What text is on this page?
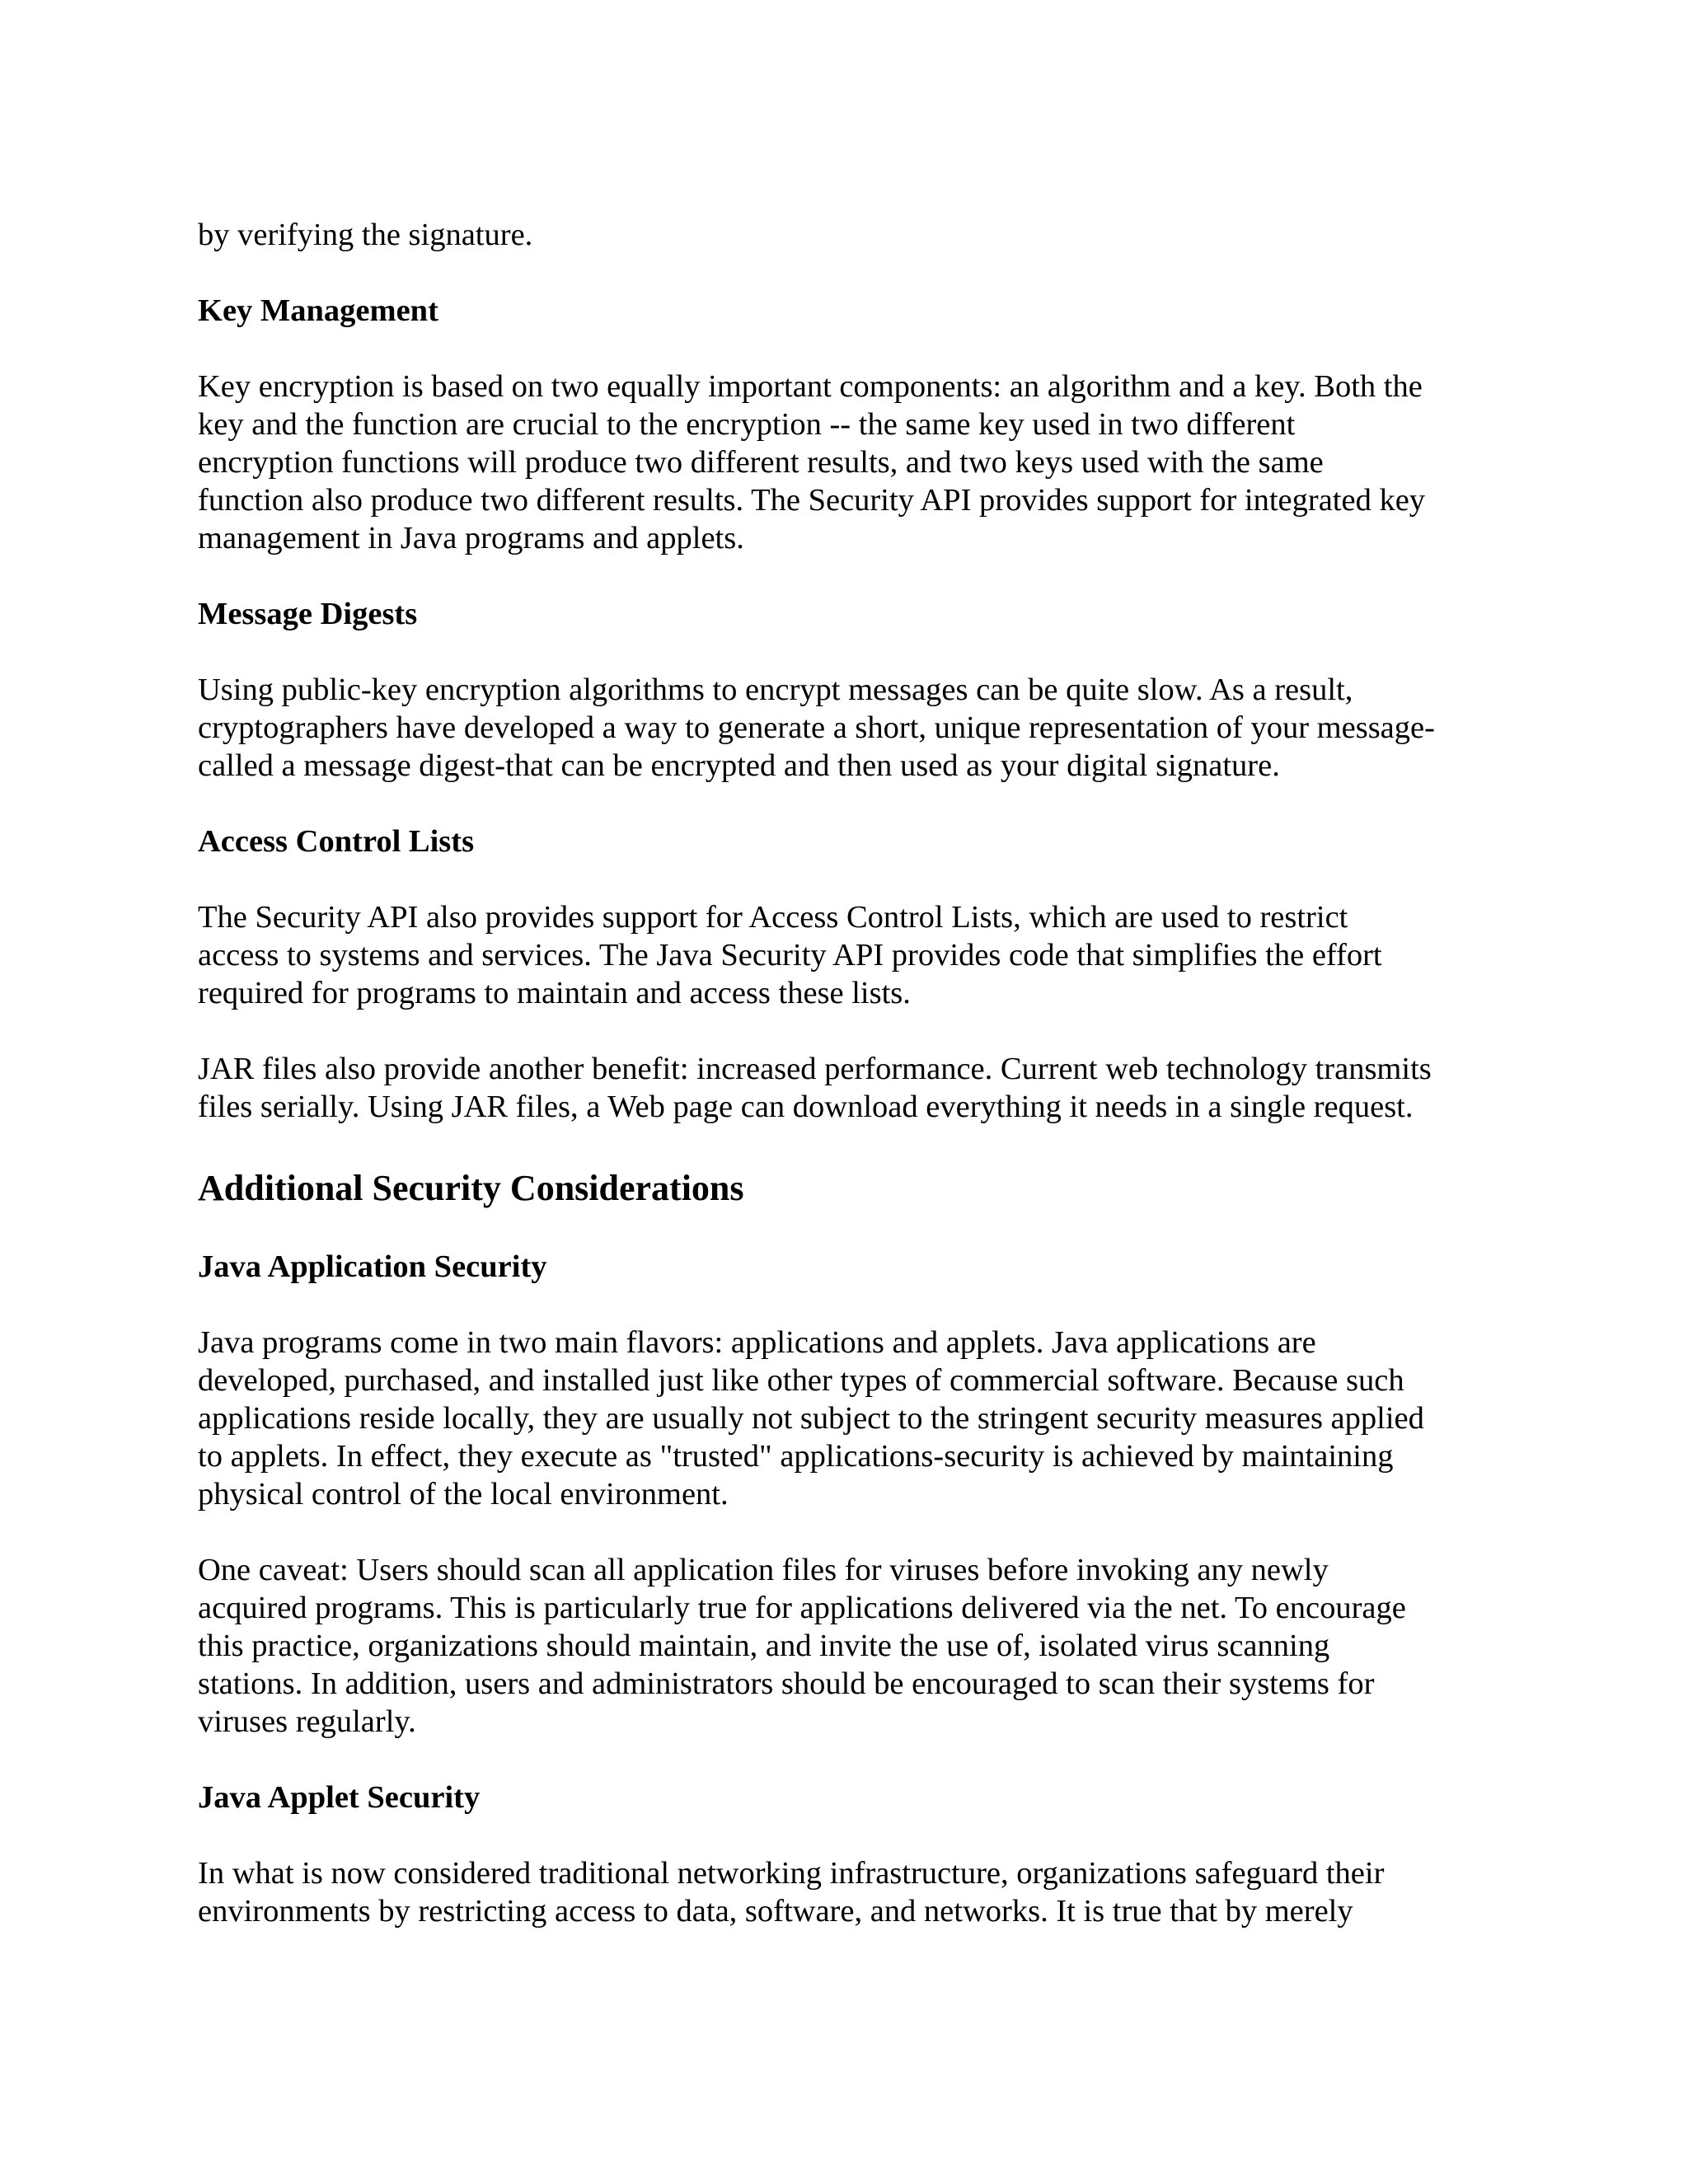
by verifying the signature.

Key Management

Key encryption is based on two equally important components: an algorithm and a key. Both the

key and the function are crucial to the encryption -- the same key used in two different

encryption functions will produce two different results, and two keys used with the same

function also produce two different results. The Security API provides support for integrated key

management in Java programs and applets.

Message Digests

Using public-key encryption algorithms to encrypt messages can be quite slow. As a result,

cryptographers have developed a way to generate a short, unique representation of your message-

called a message digest-that can be encrypted and then used as your digital signature.

Access Control Lists

The Security API also provides support for Access Control Lists, which are used to restrict

access to systems and services. The Java Security API provides code that simplifies the effort

required for programs to maintain and access these lists.

JAR files also provide another benefit: increased performance. Current web technology transmits

files serially. Using JAR files, a Web page can download everything it needs in a single request.

Additional Security Considerations

Java Application Security

Java programs come in two main flavors: applications and applets. Java applications are

developed, purchased, and installed just like other types of commercial software. Because such

applications reside locally, they are usually not subject to the stringent security measures applied

to applets. In effect, they execute as "trusted" applications-security is achieved by maintaining

physical control of the local environment.

One caveat: Users should scan all application files for viruses before invoking any newly

acquired programs. This is particularly true for applications delivered via the net. To encourage

this practice, organizations should maintain, and invite the use of, isolated virus scanning

stations. In addition, users and administrators should be encouraged to scan their systems for

viruses regularly.

Java Applet Security

In what is now considered traditional networking infrastructure, organizations safeguard their

environments by restricting access to data, software, and networks. It is true that by merely
